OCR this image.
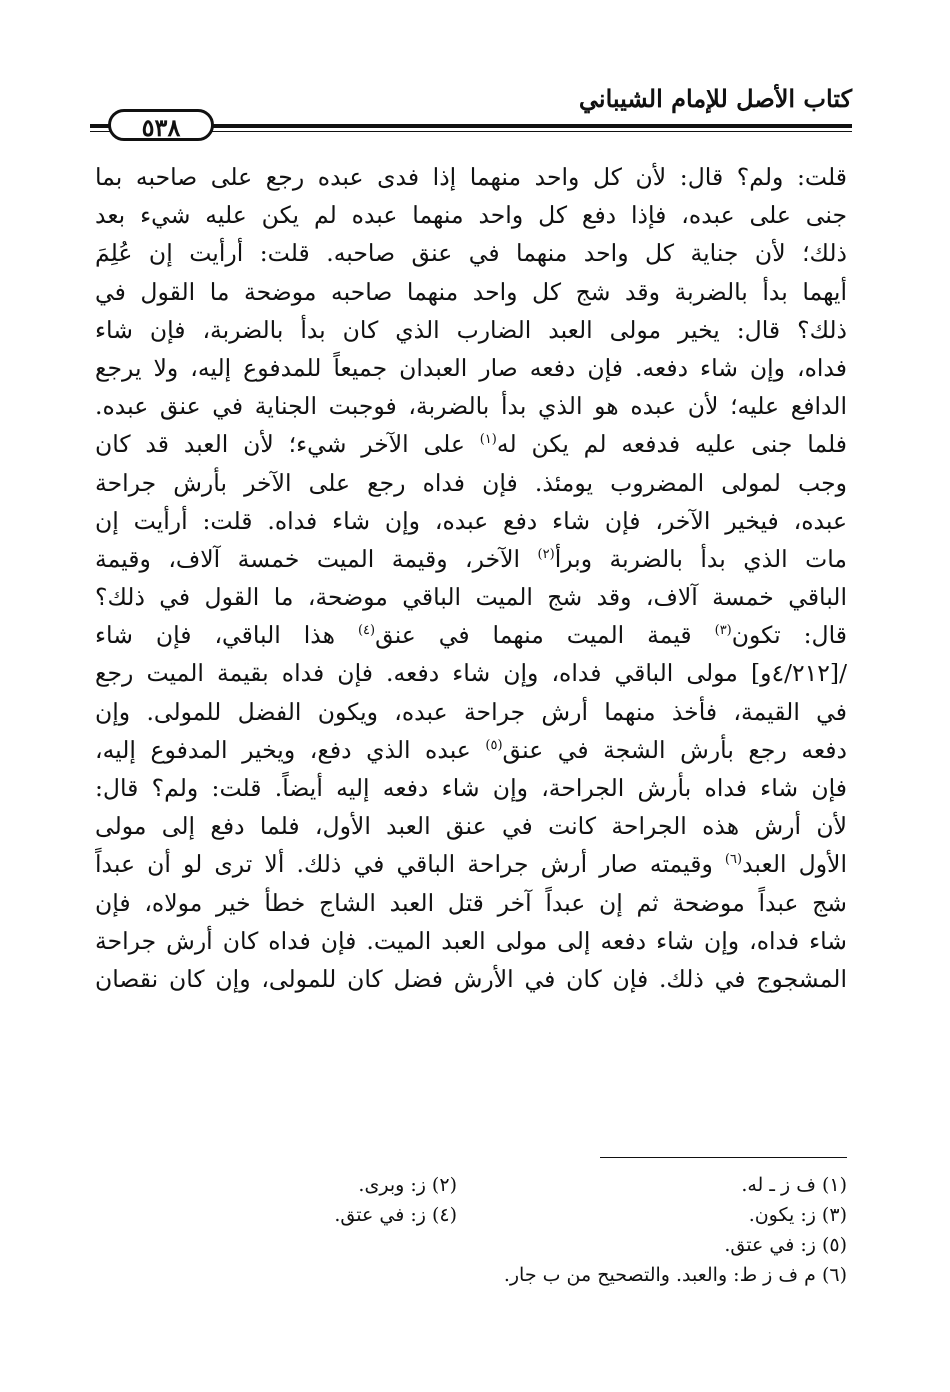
كتاب الأصل للإمام الشيباني
٥٣٨
قلت: ولم؟ قال: لأن كل واحد منهما إذا فدى عبده رجع على صاحبه بما
جنى على عبده، فإذا دفع كل واحد منهما عبده لم يكن عليه شيء بعد
ذلك؛ لأن جناية كل واحد منهما في عنق صاحبه. قلت: أرأيت إن عُلِمَ
أيهما بدأ بالضربة وقد شج كل واحد منهما صاحبه موضحة ما القول في
ذلك؟ قال: يخير مولى العبد الضارب الذي كان بدأ بالضربة، فإن شاء
فداه، وإن شاء دفعه. فإن دفعه صار العبدان جميعاً للمدفوع إليه، ولا يرجع
الدافع عليه؛ لأن عبده هو الذي بدأ بالضربة، فوجبت الجناية في عنق عبده.
فلما جنى عليه فدفعه لم يكن له$^{(١)}$ على الآخر شيء؛ لأن العبد قد كان
وجب لمولى المضروب يومئذ. فإن فداه رجع على الآخر بأرش جراحة
عبده، فيخير الآخر، فإن شاء دفع عبده، وإن شاء فداه. قلت: أرأيت إن
مات الذي بدأ بالضربة وبرأ$^{(٢)}$ الآخر، وقيمة الميت خمسة آلاف، وقيمة
الباقي خمسة آلاف، وقد شج الميت الباقي موضحة، ما القول في ذلك؟
قال: تكون$^{(٣)}$ قيمة الميت منهما في عنق$^{(٤)}$ هذا الباقي، فإن شاء
/[٤/٢١٢و] مولى الباقي فداه، وإن شاء دفعه. فإن فداه بقيمة الميت رجع
في القيمة، فأخذ منهما أرش جراحة عبده، ويكون الفضل للمولى. وإن
دفعه رجع بأرش الشجة في عنق$^{(٥)}$ عبده الذي دفع، ويخير المدفوع إليه،
فإن شاء فداه بأرش الجراحة، وإن شاء دفعه إليه أيضاً. قلت: ولم؟ قال:
لأن أرش هذه الجراحة كانت في عنق العبد الأول، فلما دفع إلى مولى
الأول العبد$^{(٦)}$ وقيمته صار أرش جراحة الباقي في ذلك. ألا ترى لو أن عبداً
شج عبداً موضحة ثم إن عبداً آخر قتل العبد الشاج خطأ خير مولاه، فإن
شاء فداه، وإن شاء دفعه إلى مولى العبد الميت. فإن فداه كان أرش جراحة
المشجوج في ذلك. فإن كان في الأرش فضل كان للمولى، وإن كان نقصان
(١) ف ز ـ له.
(٢) ز: وبرى.
(٣) ز: يكون.
(٤) ز: في عتق.
(٥) ز: في عتق.
(٦) م ف ز ط: والعبد. والتصحيح من ب جار.
